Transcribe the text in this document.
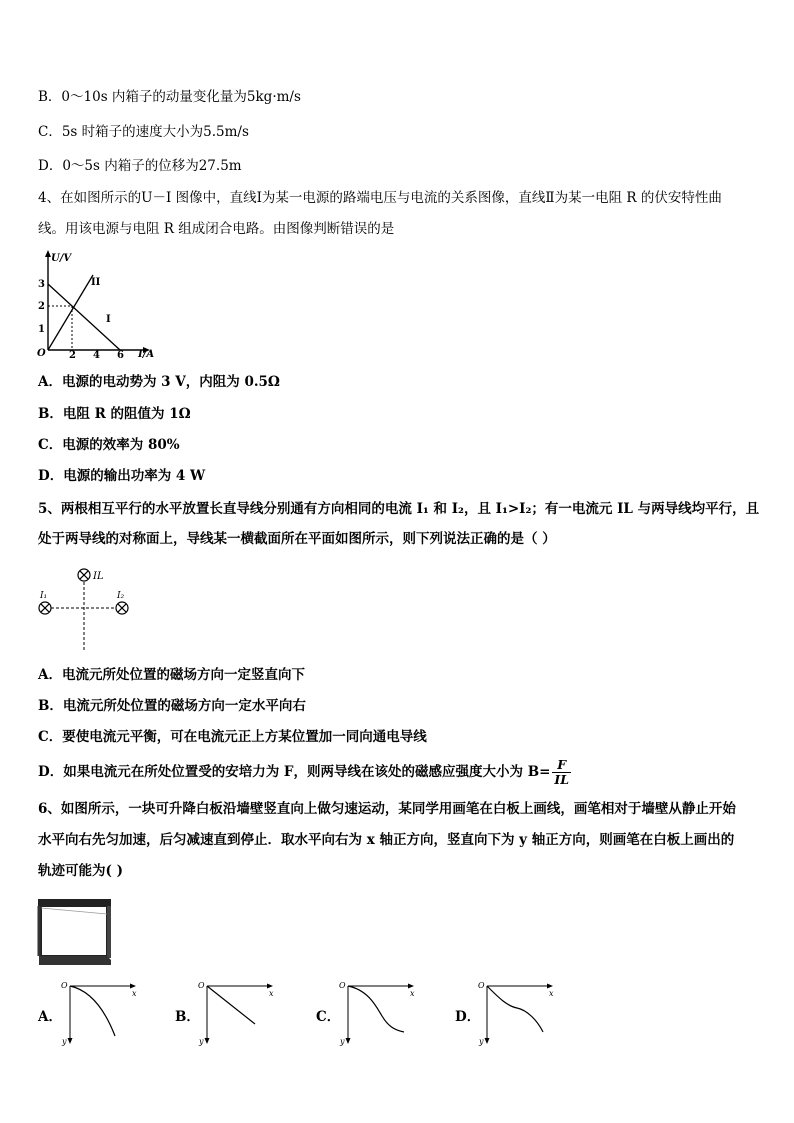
B．0～10s 内箱子的动量变化量为5kg·m/s
C．5s 时箱子的速度大小为5.5m/s
D．0～5s 内箱子的位移为27.5m
4、在如图所示的U－I 图像中，直线Ⅰ为某一电源的路端电压与电流的关系图像，直线Ⅱ为某一电阻 R 的伏安特性曲
线。用该电源与电阻 R 组成闭合电路。由图像判断错误的是
U/V
I/A
O
1
2
3
2 4 6
I
II
A．电源的电动势为 3 V，内阻为 0.5Ω
B．电阻 R 的阻值为 1Ω
C．电源的效率为 80%
D．电源的输出功率为 4 W
5、两根相互平行的水平放置长直导线分别通有方向相同的电流 I₁ 和 I₂，且 I₁>I₂；有一电流元 IL 与两导线均平行，且
处于两导线的对称面上，导线某一横截面所在平面如图所示，则下列说法正确的是（ ）
IL
I₁	I₂
A．电流元所处位置的磁场方向一定竖直向下
B．电流元所处位置的磁场方向一定水平向右
C．要使电流元平衡，可在电流元正上方某位置加一同向通电导线
D．如果电流元在所处位置受的安培力为 F，则两导线在该处的磁感应强度大小为 $B= \frac{F}{IL}$
6、如图所示，一块可升降白板沿墙壁竖直向上做匀速运动，某同学用画笔在白板上画线，画笔相对于墙壁从静止开始
水平向右先匀加速，后匀减速直到停止．取水平向右为 x 轴正方向，竖直向下为 y 轴正方向，则画笔在白板上画出的
轨迹可能为( )
A．
O
x
y
B．
O
x
y
C．
O
x
y
D．
O
x
y
